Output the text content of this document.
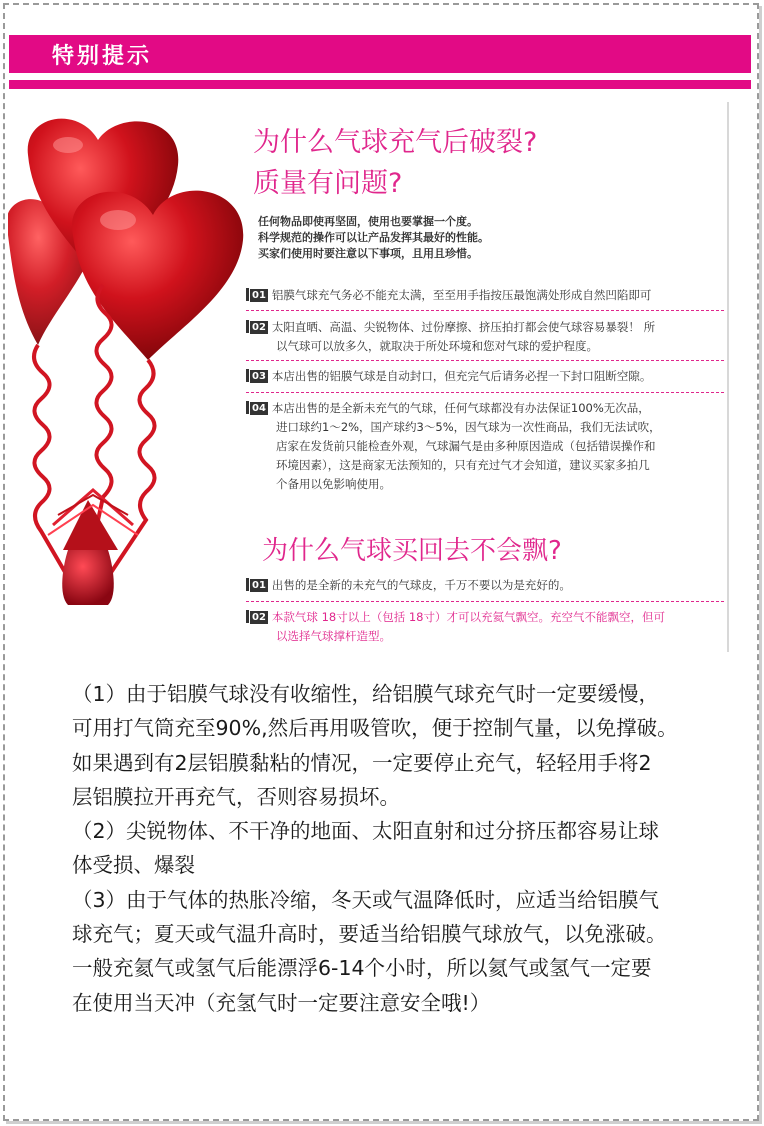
特别提示
为什么气球充气后破裂?
质量有问题?
任何物品即使再坚固，使用也要掌握一个度。
科学规范的操作可以让产品发挥其最好的性能。
买家们使用时要注意以下事项，且用且珍惜。
01 铝膜气球充气务必不能充太满，至至用手指按压最饱满处形成自然凹陷即可
02 太阳直晒、高温、尖锐物体、过份摩擦、挤压拍打都会使气球容易暴裂！ 所
以气球可以放多久，就取决于所处环境和您对气球的爱护程度。
03 本店出售的铝膜气球是自动封口，但充完气后请务必捏一下封口阻断空隙。
04 本店出售的是全新未充气的气球，任何气球都没有办法保证100%无次品，
进口球约1～2%，国产球约3～5%，因气球为一次性商品，我们无法试吹，
店家在发货前只能检查外观，气球漏气是由多种原因造成（包括错误操作和
环境因素），这是商家无法预知的，只有充过气才会知道，建议买家多拍几
个备用以免影响使用。
为什么气球买回去不会飘?
01 出售的是全新的未充气的气球皮，千万不要以为是充好的。
02 本款气球 18寸以上（包括 18寸）才可以充氦气飘空。充空气不能飘空，但可
以选择气球撑杆造型。
（1）由于铝膜气球没有收缩性，给铝膜气球充气时一定要缓慢，
可用打气筒充至90%,然后再用吸管吹，便于控制气量，以免撑破。
如果遇到有2层铝膜黏粘的情况，一定要停止充气，轻轻用手将2
层铝膜拉开再充气，否则容易损坏。
（2）尖锐物体、不干净的地面、太阳直射和过分挤压都容易让球
体受损、爆裂
（3）由于气体的热胀冷缩，冬天或气温降低时，应适当给铝膜气
球充气；夏天或气温升高时，要适当给铝膜气球放气，以免涨破。
一般充氦气或氢气后能漂浮6-14个小时，所以氦气或氢气一定要
在使用当天冲（充氢气时一定要注意安全哦!）
